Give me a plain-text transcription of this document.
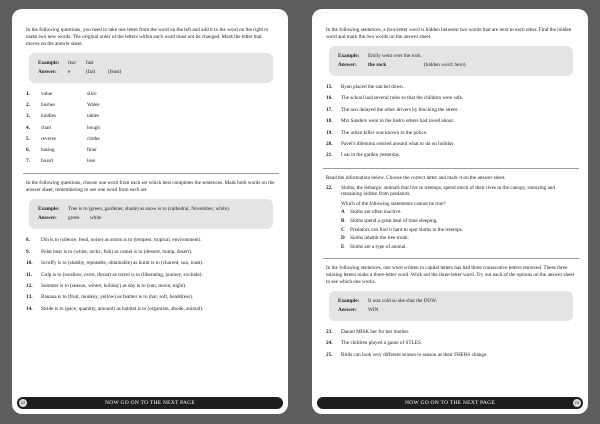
In the following questions, you need to take one letter from the word on the left and add it to the word on the right to make two new words. The original order of the letters within each word must not be changed. Mark the letter that moves on the answer sheet.

Example: fear fast
Answer: e	(far) (feast)
1. value	slice
2. bushes	Wales
3. kindles	tables
4. chart	bough
5. reverse	clothe
6. basing	finer
7. board	lose

In the following questions, choose one word from each set which best completes the sentences. Mark both words on the answer sheet, remembering to use one word from each set.

Example: Tree is to (green, gardener, shade) as snow is to (cathedral, November, white).
Answer: green white
8. Din is to (silence, feud, noise) as storm is to (tempest, tropical, environment).
9. Polar bear is to (white, arctic, fish) as camel is to (dessert, hump, desert).
10. Scruffy is to (shabby, reputable, obtainable) as burnt is to (charred, sun, toast).
11. Gulp is to (swallow, overt, throat) as travel is to (liberating, journey, exclude).
12. Summer is to (season, winter, holiday) as day is to (sun, moon, night).
13. Banana is to (fruit, monkey, yellow) as feather is to (hat, soft, headdress).
14. Stride is to (pace, quantity, amount) as habitat is to (organism, abode, animal).
22	NOW GO ON TO THE NEXT PAGE

In the following sentences, a four-letter word is hidden between two words that are next to each other. Find the hidden word and mark the two words on the answer sheet.

Example: Emily went over the rock.
Answer: the rock	(hidden word: hero)
15. Ryan placed the satchel down.
16. The school had several rules so that the children were safe.
17. The taxi delayed the other drivers by blocking the street.
18. Mrs Sanders went to the bistro others had raved about.
19. The urban killer was known to the police.
20. Pavel's dilemma centred around what to do on holiday.
21. I sat in the garden yesterday.

Read the information below. Choose the correct letter and mark it on the answer sheet.

22.	Sloths, the lethargic animals that live in treetops, spend much of their lives in the canopy, snoozing and remaining hidden from predators.
Which of the following statements cannot be true?
A Sloths are often inactive.
B Sloths spend a great deal of time sleeping.
C Predators can find it hard to spot sloths in the treetops.
D Sloths inhabit the tree trunk.
E Sloths are a type of animal.

In the following sentences, one word written in capital letters has had three consecutive letters removed. These three missing letters make a three-letter word. Work out the three-letter word. Try out each of the options on the answer sheet to see which one works.

Example: It was cold so she shut the DOW.
Answer: WIN
23. Daniel MISK her for her mother.
24. The children played a game of STLES.
25. Birds can look very different season to season as their FHERS change.
NOW GO ON TO THE NEXT PAGE	23
